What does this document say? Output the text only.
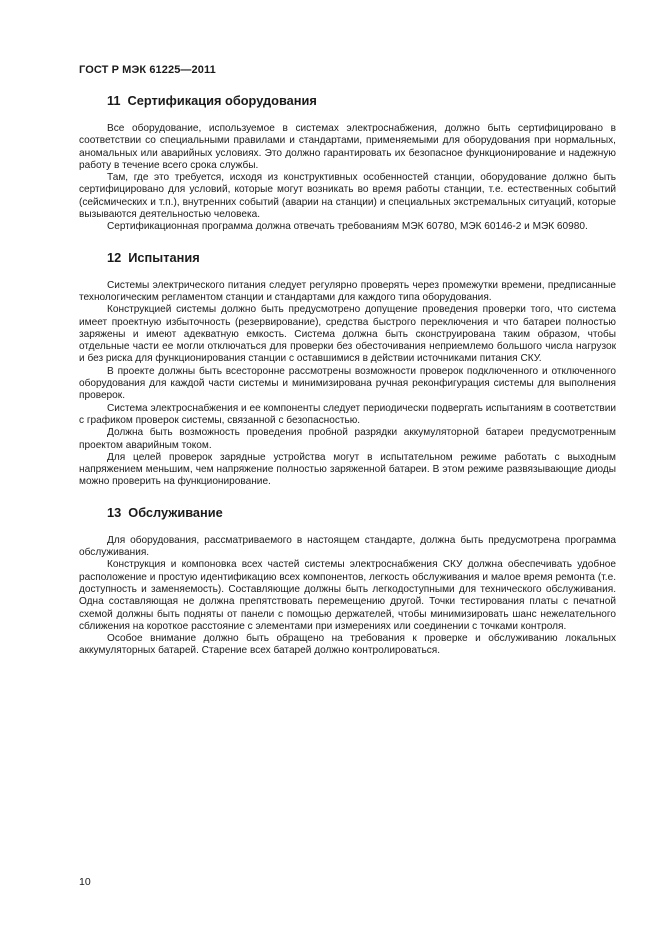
ГОСТ Р МЭК 61225—2011
11 Сертификация оборудования

Все оборудование, используемое в системах электроснабжения, должно быть сертифицировано в соответствии со специальными правилами и стандартами, применяемыми для оборудования при нормальных, аномальных или аварийных условиях. Это должно гарантировать их безопасное функционирование и надежную работу в течение всего срока службы.

Там, где это требуется, исходя из конструктивных особенностей станции, оборудование должно быть сертифицировано для условий, которые могут возникать во время работы станции, т.е. естественных событий (сейсмических и т.п.), внутренних событий (аварии на станции) и специальных экстремальных ситуаций, которые вызываются деятельностью человека.

Сертификационная программа должна отвечать требованиям МЭК 60780, МЭК 60146-2 и МЭК 60980.

12 Испытания

Системы электрического питания следует регулярно проверять через промежутки времени, предписанные технологическим регламентом станции и стандартами для каждого типа оборудования.

Конструкцией системы должно быть предусмотрено допущение проведения проверки того, что система имеет проектную избыточность (резервирование), средства быстрого переключения и что батареи полностью заряжены и имеют адекватную емкость. Система должна быть сконструирована таким образом, чтобы отдельные части ее могли отключаться для проверки без обесточивания неприемлемо большого числа нагрузок и без риска для функционирования станции с оставшимися в действии источниками питания СКУ.

В проекте должны быть всесторонне рассмотрены возможности проверок подключенного и отключенного оборудования для каждой части системы и минимизирована ручная реконфигурация системы для выполнения проверок.

Система электроснабжения и ее компоненты следует периодически подвергать испытаниям в соответствии с графиком проверок системы, связанной с безопасностью.

Должна быть возможность проведения пробной разрядки аккумуляторной батареи предусмотренным проектом аварийным током.

Для целей проверок зарядные устройства могут в испытательном режиме работать с выходным напряжением меньшим, чем напряжение полностью заряженной батареи. В этом режиме развязывающие диоды можно проверить на функционирование.

13 Обслуживание

Для оборудования, рассматриваемого в настоящем стандарте, должна быть предусмотрена программа обслуживания.

Конструкция и компоновка всех частей системы электроснабжения СКУ должна обеспечивать удобное расположение и простую идентификацию всех компонентов, легкость обслуживания и малое время ремонта (т.е. доступность и заменяемость). Составляющие должны быть легкодоступными для технического обслуживания. Одна составляющая не должна препятствовать перемещению другой. Точки тестирования платы с печатной схемой должны быть подняты от панели с помощью держателей, чтобы минимизировать шанс нежелательного сближения на короткое расстояние с элементами при измерениях или соединении с точками контроля.

Особое внимание должно быть обращено на требования к проверке и обслуживанию локальных аккумуляторных батарей. Старение всех батарей должно контролироваться.

10
